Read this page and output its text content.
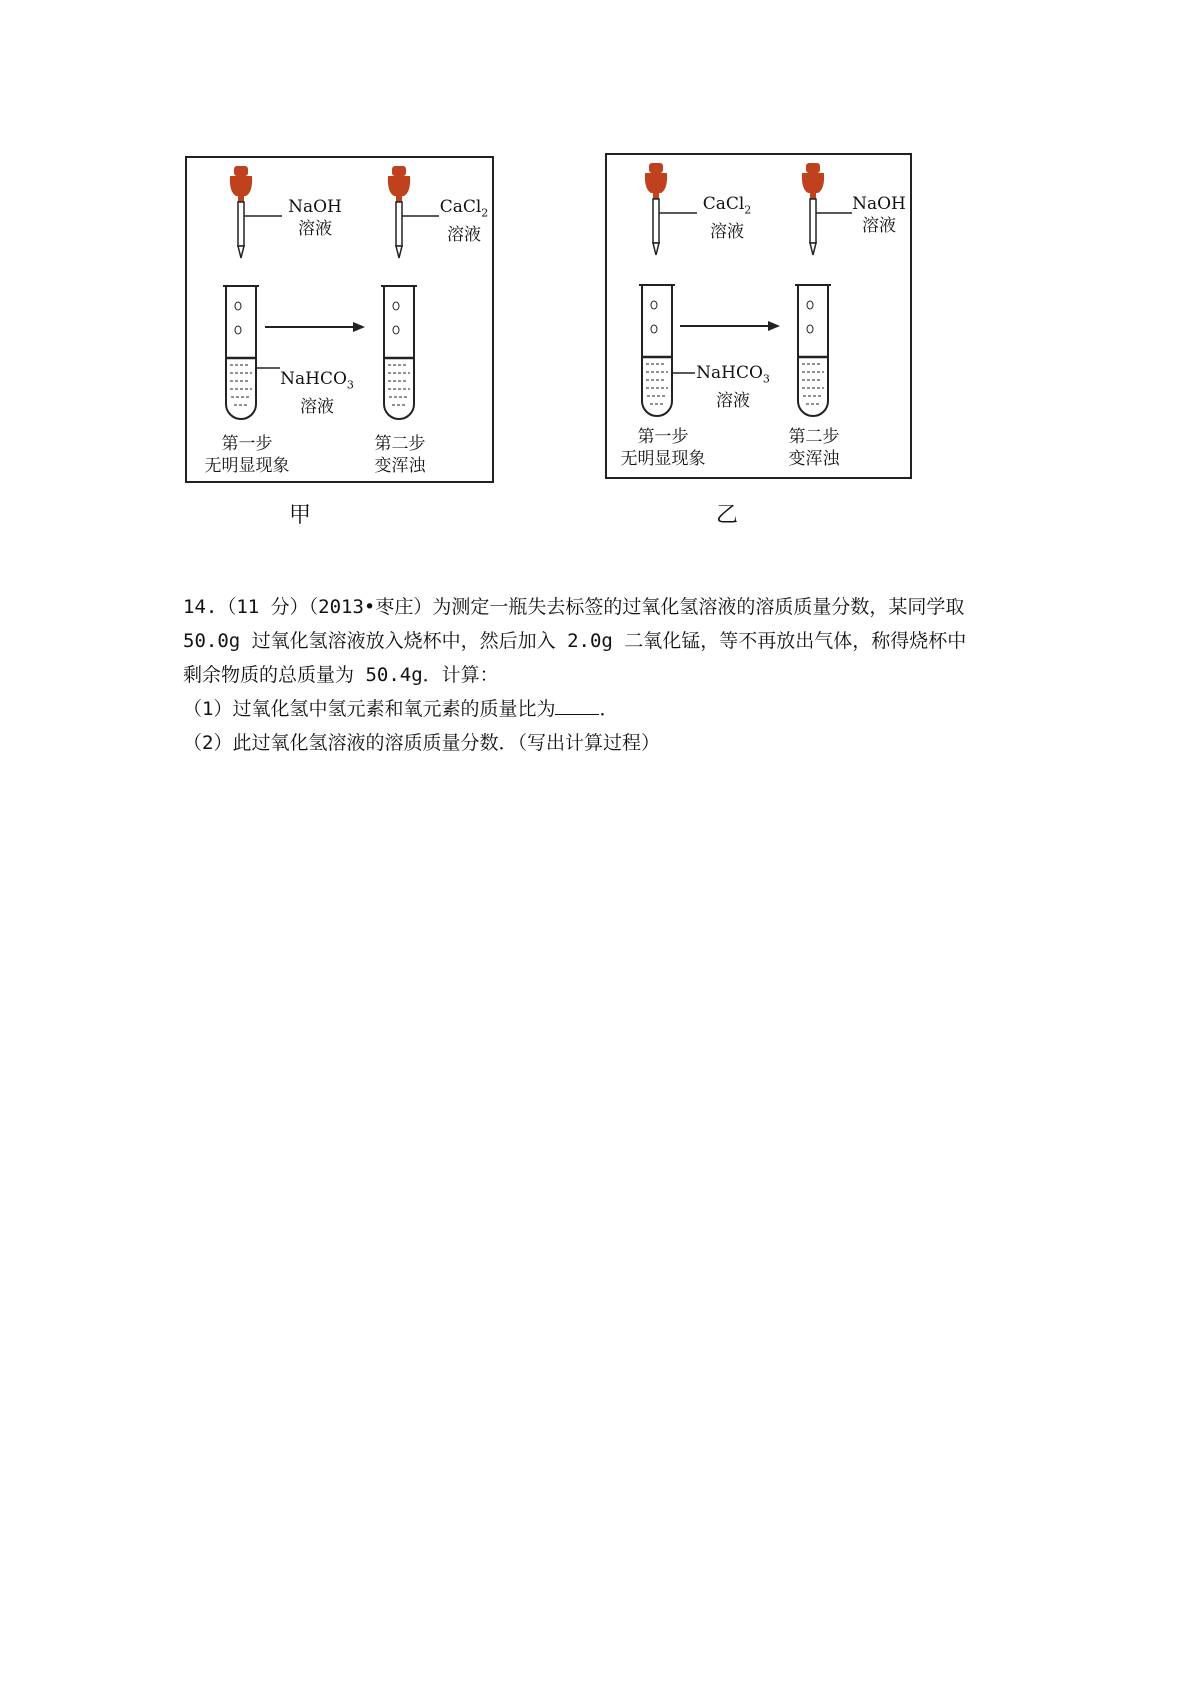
NaOH
溶液
CaCl$_2$
溶液
NaHCO$_3$
溶液
第一步
无明显现象
第二步
变浑浊
甲
CaCl$_2$
溶液
NaOH
溶液
NaHCO$_3$
溶液
第一步
无明显现象
第二步
变浑浊
乙

14.（11 分）（2013•枣庄）为测定一瓶失去标签的过氧化氢溶液的溶质质量分数，某同学取

50.0g 过氧化氢溶液放入烧杯中，然后加入 2.0g 二氧化锰，等不再放出气体，称得烧杯中

剩余物质的总质量为 50.4g．计算：

（1）过氧化氢中氢元素和氧元素的质量比为 ．

（2）此过氧化氢溶液的溶质质量分数．（写出计算过程）
